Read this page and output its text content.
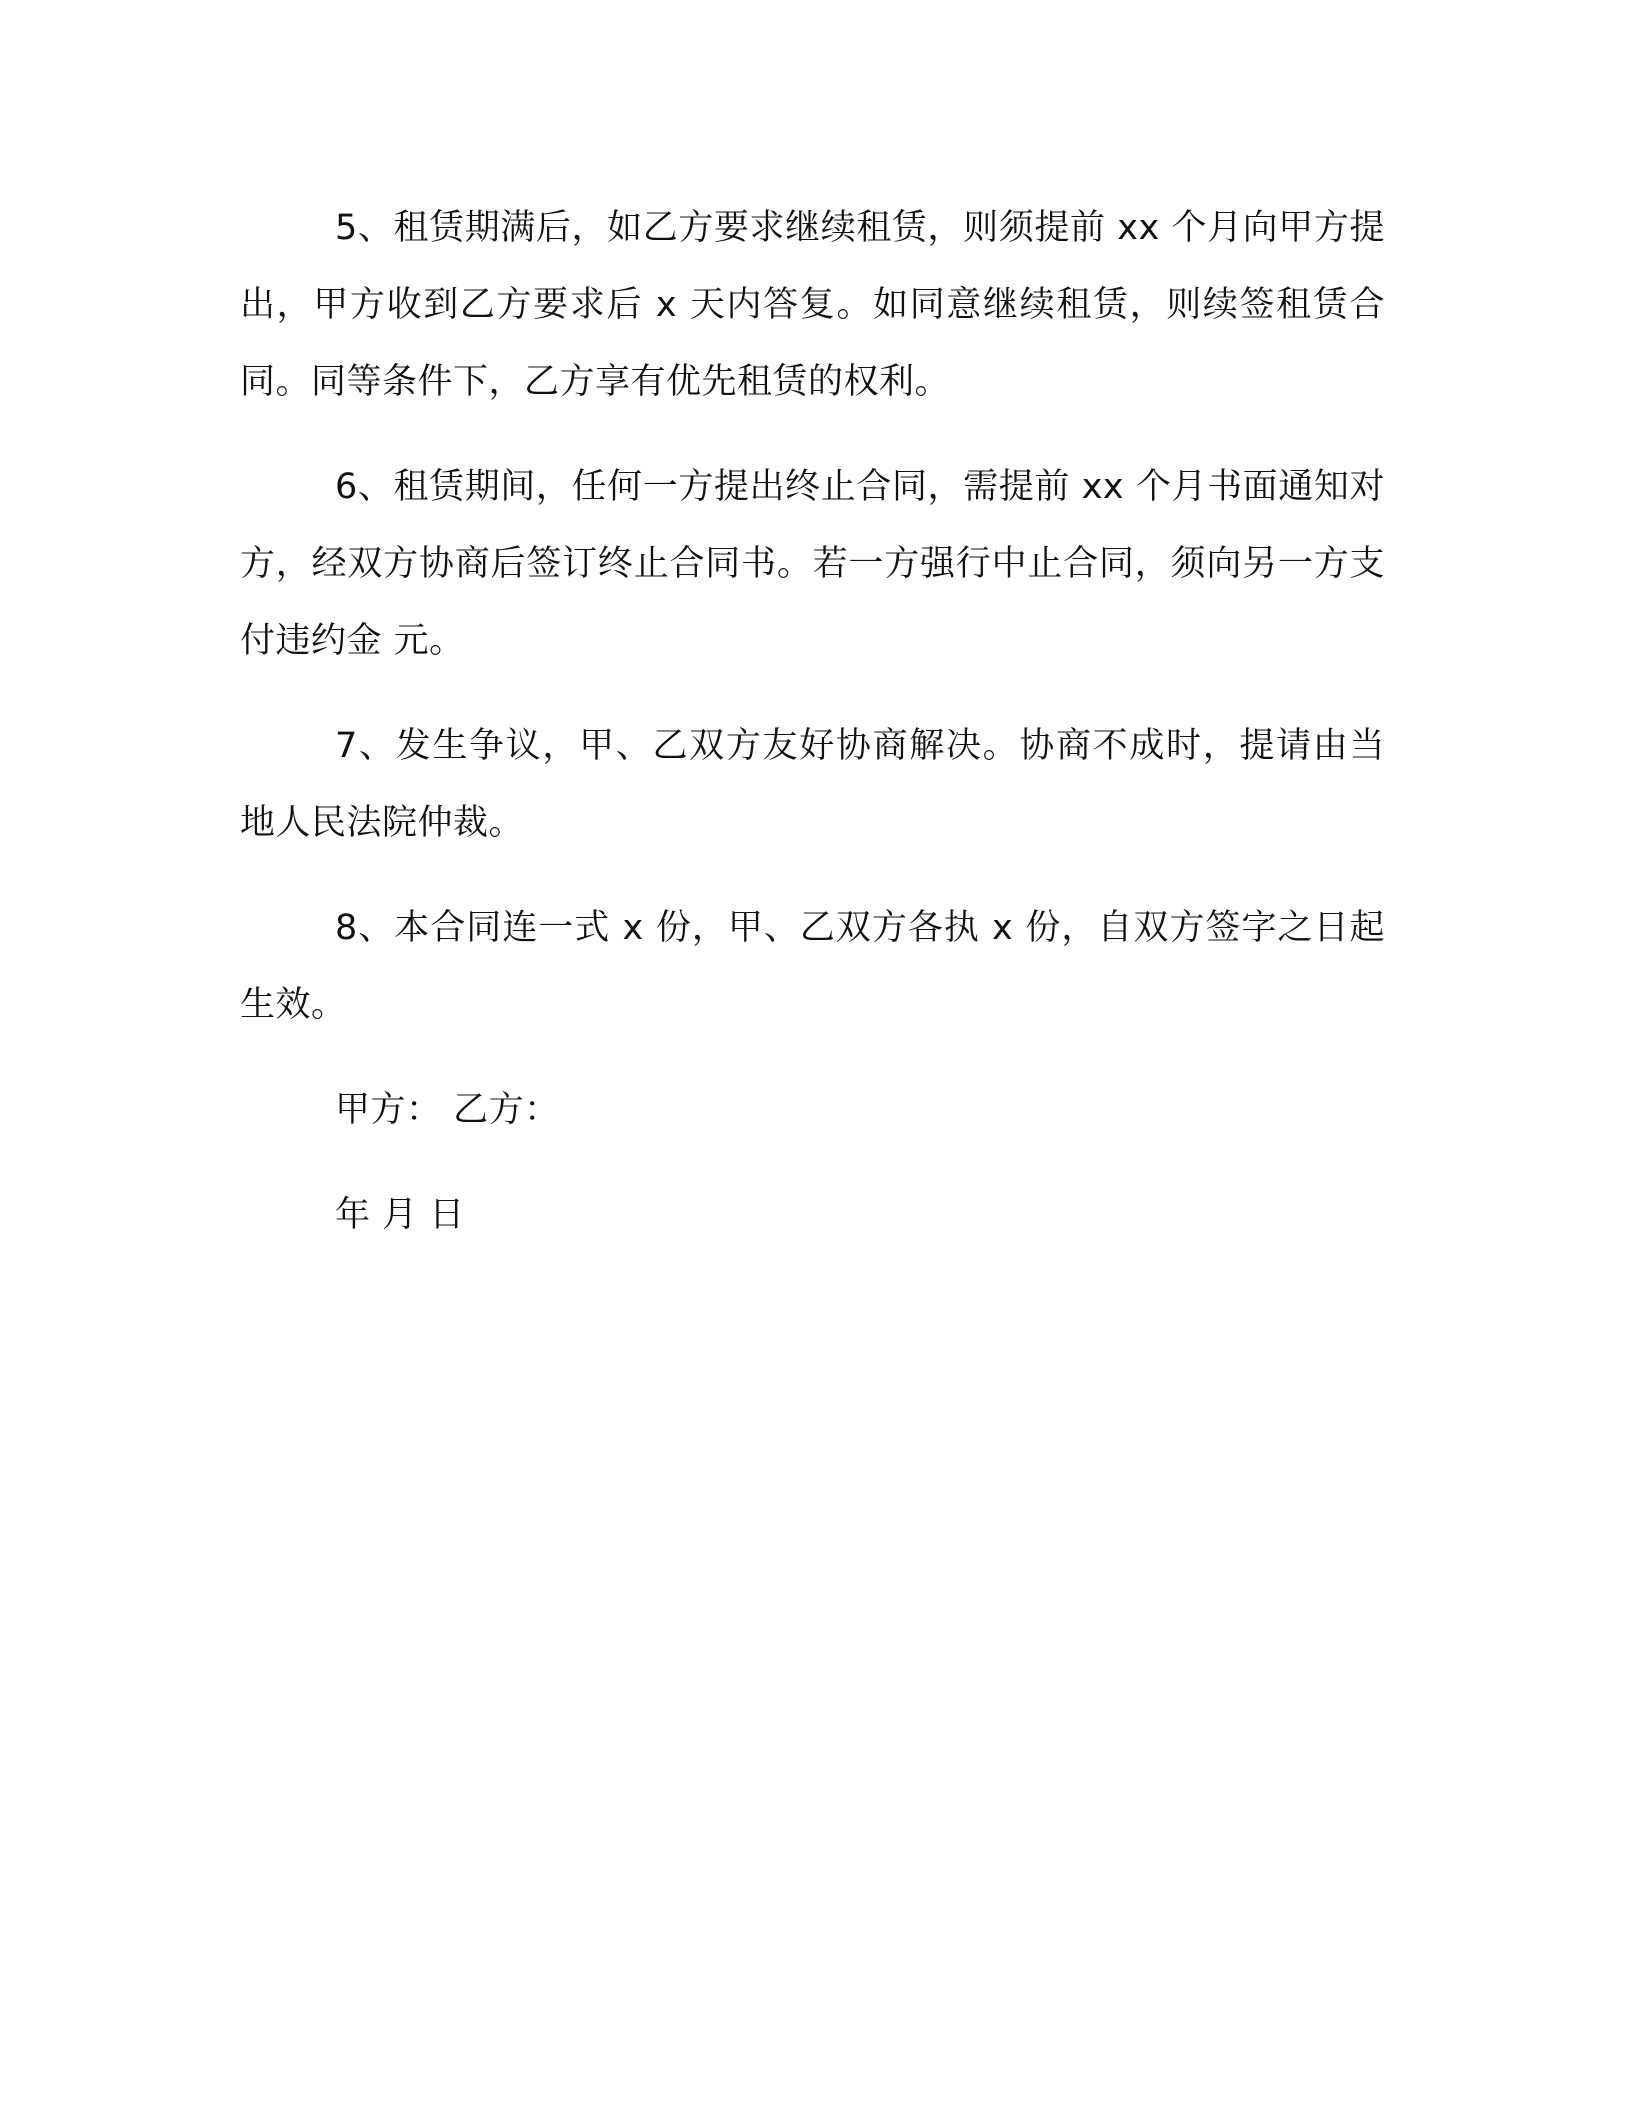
5、租赁期满后，如乙方要求继续租赁，则须提前 xx 个月向甲方提出，甲方收到乙方要求后 x 天内答复。如同意继续租赁，则续签租赁合同。同等条件下，乙方享有优先租赁的权利。

6、租赁期间，任何一方提出终止合同，需提前 xx 个月书面通知对方，经双方协商后签订终止合同书。若一方强行中止合同，须向另一方支付违约金 元。

7、发生争议，甲、乙双方友好协商解决。协商不成时，提请由当地人民法院仲裁。

8、本合同连一式 x 份，甲、乙双方各执 x 份，自双方签字之日起生效。

甲方： 乙方：

年 月 日
